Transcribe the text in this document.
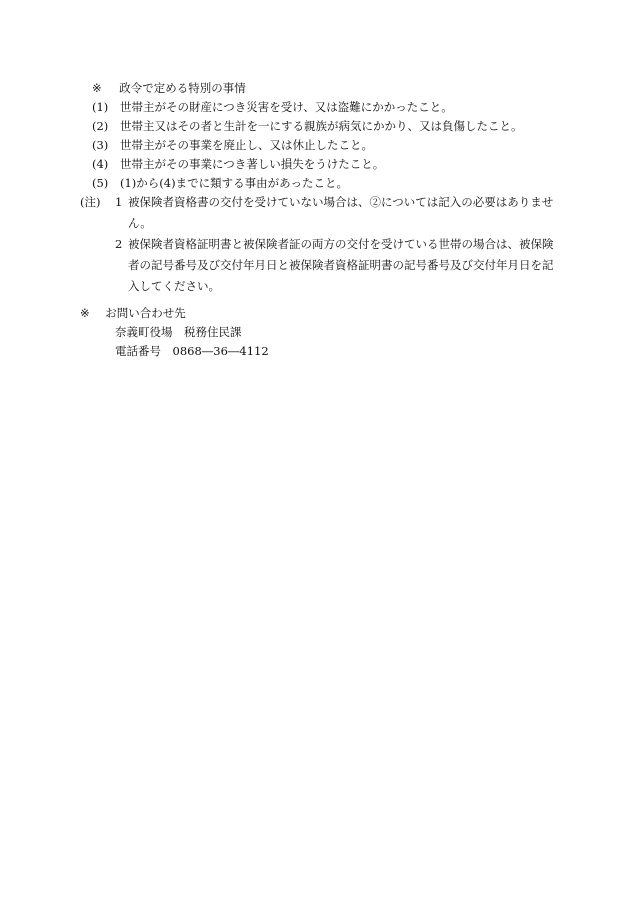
※ 政令で定める特別の事情
(1) 世帯主がその財産につき災害を受け、又は盗難にかかったこと。
(2) 世帯主又はその者と生計を一にする親族が病気にかかり、又は負傷したこと。
(3) 世帯主がその事業を廃止し、又は休止したこと。
(4) 世帯主がその事業につき著しい損失をうけたこと。
(5) (1)から(4)までに類する事由があったこと。
(注) 1 被保険者資格書の交付を受けていない場合は、②については記入の必要はありません。
2 被保険者資格証明書と被保険者証の両方の交付を受けている世帯の場合は、被保険者の記号番号及び交付年月日と被保険者資格証明書の記号番号及び交付年月日を記入してください。
※ お問い合わせ先
奈義町役場　税務住民課
電話番号　0868―36―4112
